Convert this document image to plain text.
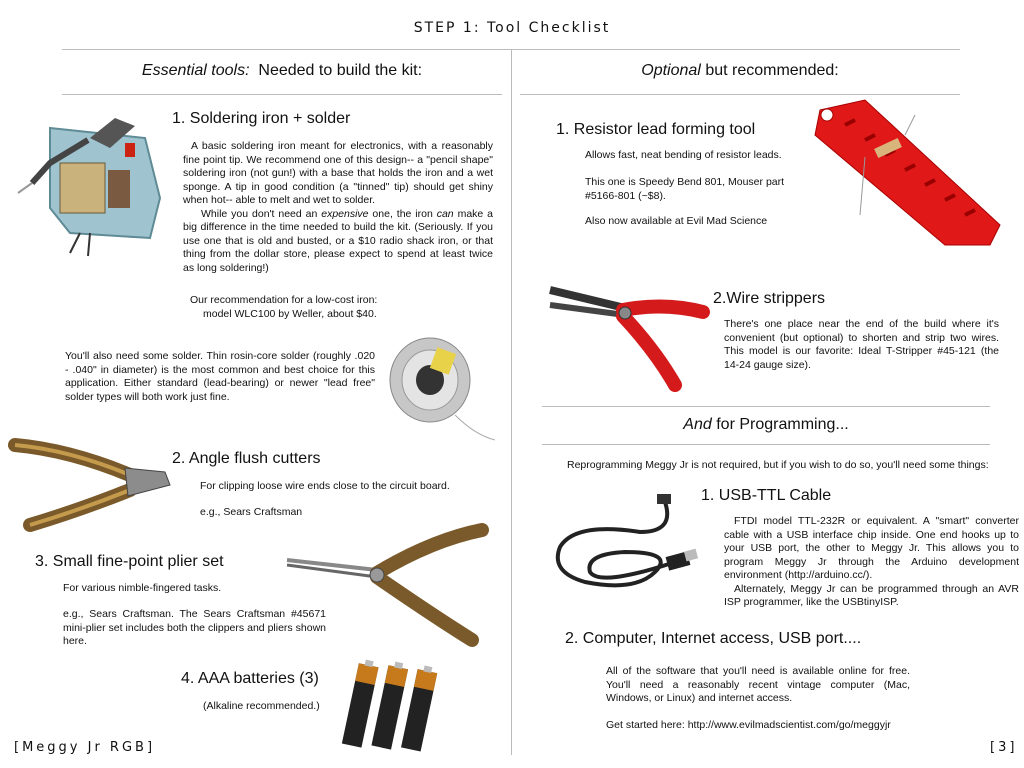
STEP 1: Tool Checklist
Essential tools: Needed to build the kit:	Optional but recommended:
1. Soldering iron + solder

A basic soldering iron meant for electronics, with a reasonably fine point tip. We recommend one of this design-- a "pencil shape" soldering iron (not gun!) with a base that holds the iron and a wet sponge. A tip in good condition (a "tinned" tip) should get shiny when hot-- able to melt and wet to solder.

While you don't need an expensive one, the iron can make a big difference in the time needed to build the kit. (Seriously. If you use one that is old and busted, or a $10 radio shack iron, or that thing from the dollar store, please expect to spend at least twice as long soldering!)

Our recommendation for a low-cost iron:
model WLC100 by Weller, about $40.
You'll also need some solder. Thin rosin-core solder (roughly .020 - .040" in diameter) is the most common and best choice for this application. Either standard (lead-bearing) or newer "lead free" solder types will both work just fine.
2. Angle flush cutters
For clipping loose wire ends close to the circuit board.
e.g., Sears Craftsman
3. Small fine-point plier set
For various nimble-fingered tasks.
e.g., Sears Craftsman. The Sears Craftsman #45671 mini-plier set includes both the clippers and pliers shown here.
4. AAA batteries (3)
(Alkaline recommended.)
1. Resistor lead forming tool
Allows fast, neat bending of resistor leads.
This one is Speedy Bend 801, Mouser part #5166-801 (~$8).
Also now available at Evil Mad Science
2.Wire strippers
There's one place near the end of the build where it's convenient (but optional) to shorten and strip two wires. This model is our favorite: Ideal T-Stripper #45-121 (the 14-24 gauge size).
And for Programming...
Reprogramming Meggy Jr is not required, but if you wish to do so, you'll need some things:
1. USB-TTL Cable

FTDI model TTL-232R or equivalent. A "smart" converter cable with a USB interface chip inside. One end hooks up to your USB port, the other to Meggy Jr. This allows you to program Meggy Jr through the Arduino development environment (http://arduino.cc/).

Alternately, Meggy Jr can be programmed through an AVR ISP programmer, like the USBtinyISP.

2. Computer, Internet access, USB port....
All of the software that you'll need is available online for free. You'll need a reasonably recent vintage computer (Mac, Windows, or Linux) and internet access.
Get started here: http://www.evilmadscientist.com/go/meggyjr
[Meggy Jr RGB]	[3]
